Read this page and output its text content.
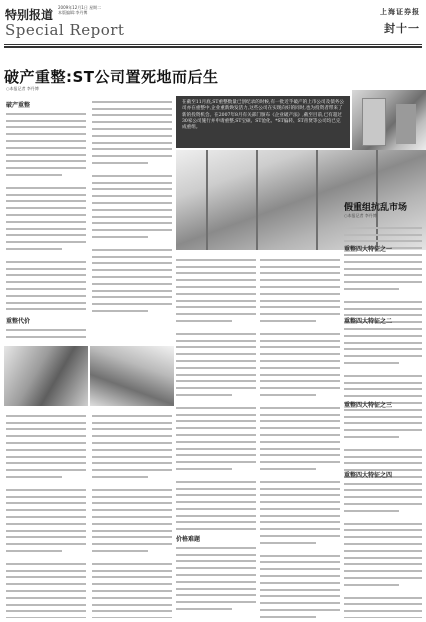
特别报道
2009年12月1日 星期二
本版编辑:李丹博
Special Report
上海证券报
封十一
破产重整:ST公司置死地而后生
○本报记者 李丹博
在截至11月底,ST重整数量已创纪录的时候,有一批近乎破产的上市公司及债务公司亦在重整中,企业重新焕发活力,这些公司在实现向好的同时,也为投资者带来了新的投资机会。在2007年8月有关部门颁布《企业破产法》,截至目前,已有超过30家公司施行并申请重整,ST宝硕、ST沧化、*ST偏转、ST帝贤等公司均已完成重组。
破产重整
重整代价
价格难题
假重组抗乱市场
○本报记者 李丹博
重整四大特征之一
重整四大特征之二
重整四大特征之三
重整四大特征之四
